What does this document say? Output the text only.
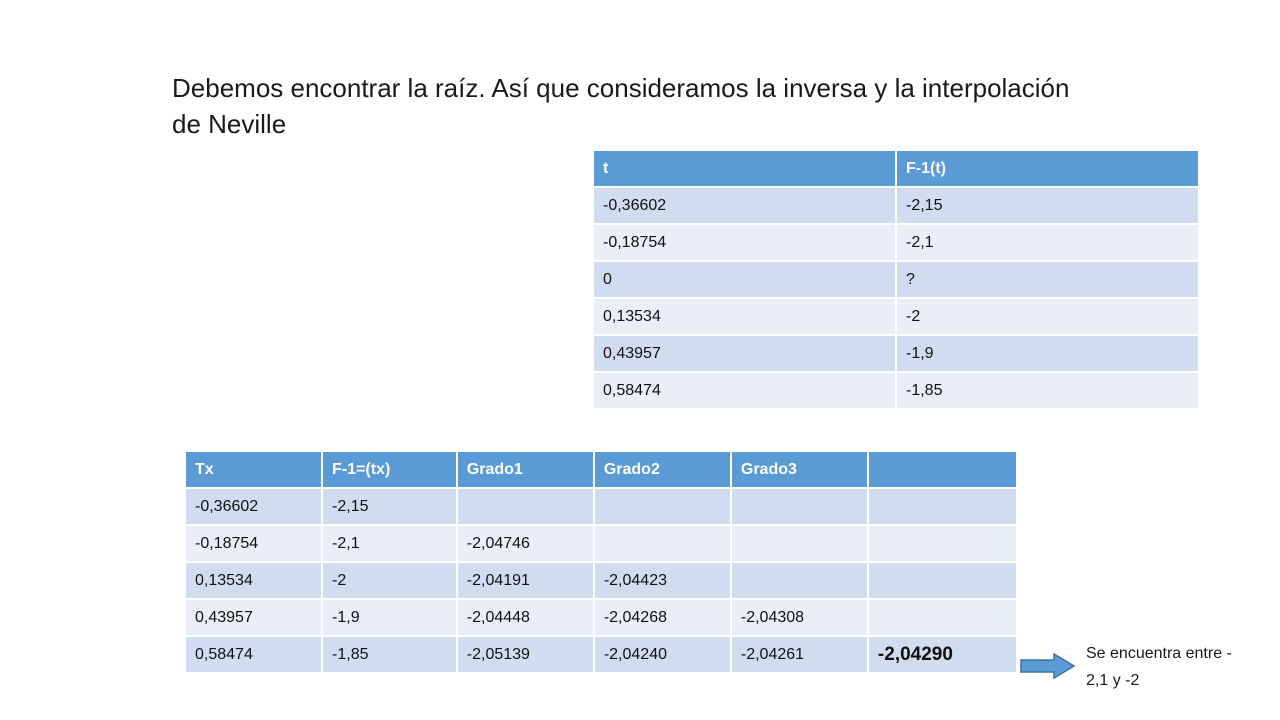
Debemos encontrar la raíz. Así que consideramos la inversa y la interpolación de Neville
t	F-1(t)
-0,36602	-2,15
-0,18754	-2,1
0	?
0,13534	-2
0,43957	-1,9
0,58474	-1,85
Tx	F-1=(tx)	Grado1	Grado2	Grado3	
-0,36602	-2,15				
-0,18754	-2,1	-2,04746			
0,13534	-2	-2,04191	-2,04423		
0,43957	-1,9	-2,04448	-2,04268	-2,04308	
0,58474	-1,85	-2,05139	-2,04240	-2,04261	-2,04290	Se encuentra entre -
2,1 y -2
